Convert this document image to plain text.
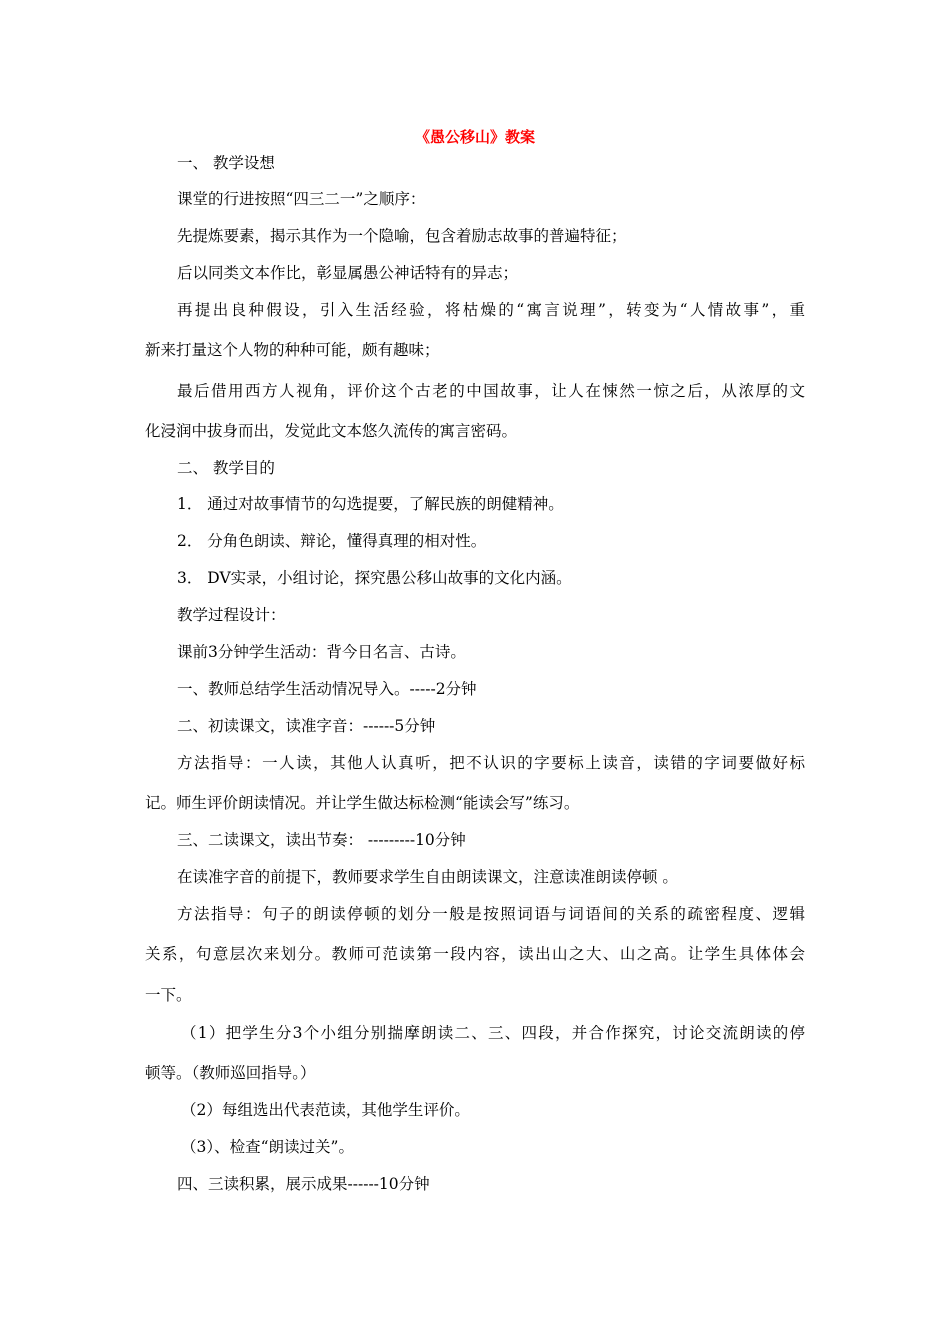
《愚公移山》教案
一、 教学设想
课堂的行进按照“四三二一”之顺序：
先提炼要素，揭示其作为一个隐喻，包含着励志故事的普遍特征；
后以同类文本作比，彰显属愚公神话特有的异志；
再提出良种假设，引入生活经验，将枯燥的“寓言说理”，转变为“人情故事”，重
新来打量这个人物的种种可能，颇有趣味；
最后借用西方人视角，评价这个古老的中国故事，让人在悚然一惊之后，从浓厚的文
化浸润中拔身而出，发觉此文本悠久流传的寓言密码。
二、 教学目的
1． 通过对故事情节的勾选提要，了解民族的朗健精神。
2． 分角色朗读、辩论，懂得真理的相对性。
3． DV实录，小组讨论，探究愚公移山故事的文化内涵。
教学过程设计：
课前3分钟学生活动：背今日名言、古诗。
一、教师总结学生活动情况导入。-----2分钟
二、初读课文，读准字音：------5分钟
方法指导：一人读，其他人认真听，把不认识的字要标上读音，读错的字词要做好标
记。师生评价朗读情况。并让学生做达标检测“能读会写”练习。
三、二读课文，读出节奏： ---------10分钟
在读准字音的前提下，教师要求学生自由朗读课文，注意读准朗读停顿 。
方法指导：句子的朗读停顿的划分一般是按照词语与词语间的关系的疏密程度、逻辑
关系，句意层次来划分。教师可范读第一段内容，读出山之大、山之高。让学生具体体会
一下。
（1）把学生分3个小组分别揣摩朗读二、三、四段，并合作探究，讨论交流朗读的停
顿等。（教师巡回指导。）
（2）每组选出代表范读，其他学生评价。
（3）、检查“朗读过关”。
四、三读积累，展示成果------10分钟
